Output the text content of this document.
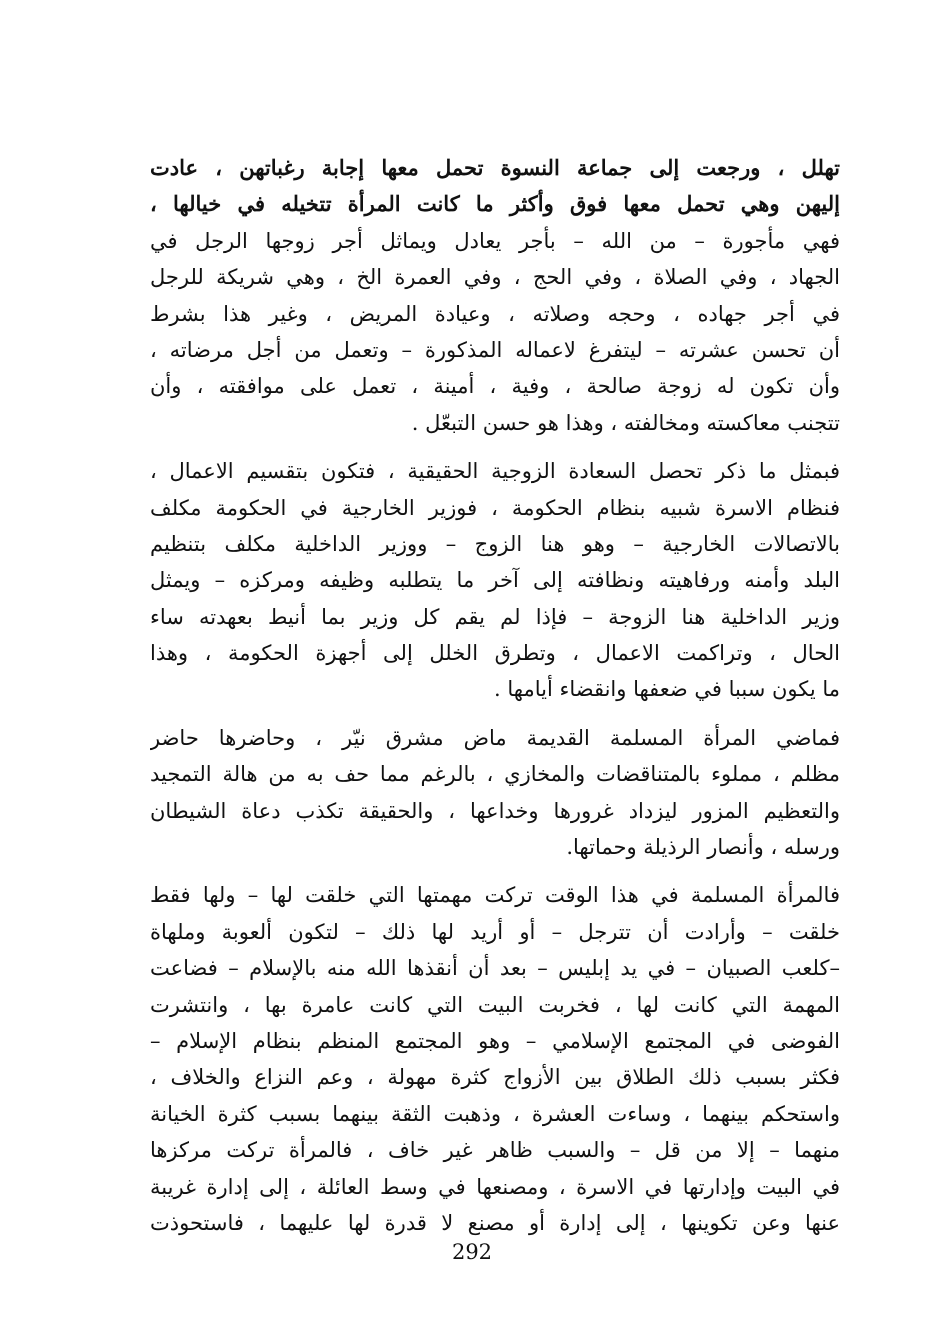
تهلل ، ورجعت إلى جماعة النسوة تحمل معها إجابة رغباتهن ، عادت
إليهن وهي تحمل معها فوق وأكثر ما كانت المرأة تتخيله في خيالها ،
فهي مأجورة – من الله – بأجر يعادل ويماثل أجر زوجها الرجل في
الجهاد ، وفي الصلاة ، وفي الحج ، وفي العمرة الخ ، وهي شريكة للرجل
في أجر جهاده ، وحجه وصلاته ، وعيادة المريض ، وغير هذا بشرط
أن تحسن عشرته – ليتفرغ لاعماله المذكورة – وتعمل من أجل مرضاته ،
وأن تكون له زوجة صالحة ، وفية ، أمينة ، تعمل على موافقته ، وأن
تتجنب معاكسته ومخالفته ، وهذا هو حسن التبعّل .
فبمثل ما ذكر تحصل السعادة الزوجية الحقيقية ، فتكون بتقسيم الاعمال ،
فنظام الاسرة شبيه بنظام الحكومة ، فوزير الخارجية في الحكومة مكلف
بالاتصالات الخارجية – وهو هنا الزوج – ووزير الداخلية مكلف بتنظيم
البلد وأمنه ورفاهيته ونظافته إلى آخر ما يتطلبه وظيفه ومركزه – ويمثل
وزير الداخلية هنا الزوجة – فإذا لم يقم كل وزير بما أنيط بعهدته ساء
الحال ، وتراكمت الاعمال ، وتطرق الخلل إلى أجهزة الحكومة ، وهذا
ما يكون سببا في ضعفها وانقضاء أيامها .
فماضي المرأة المسلمة القديمة ماض مشرق نيّر ، وحاضرها حاضر
مظلم ، مملوء بالمتناقضات والمخازي ، بالرغم مما حف به من هالة التمجيد
والتعظيم المزور ليزداد غرورها وخداعها ، والحقيقة تكذب دعاة الشيطان
ورسله ، وأنصار الرذيلة وحماتها.
فالمرأة المسلمة في هذا الوقت تركت مهمتها التي خلقت لها – ولها فقط
خلقت – وأرادت أن تترجل – أو أريد لها ذلك – لتكون ألعوبة وملهاة
–كلعب الصبيان – في يد إبليس – بعد أن أنقذها الله منه بالإسلام – فضاعت
المهمة التي كانت لها ، فخربت البيت التي كانت عامرة بها ، وانتشرت
الفوضى في المجتمع الإسلامي – وهو المجتمع المنظم بنظام الإسلام –
فكثر بسبب ذلك الطلاق بين الأزواج كثرة مهولة ، وعم النزاع والخلاف ،
واستحكم بينهما ، وساءت العشرة ، وذهبت الثقة بينهما بسبب كثرة الخيانة
منهما – إلا من قل – والسبب ظاهر غير خاف ، فالمرأة تركت مركزها
في البيت وإدارتها في الاسرة ، ومصنعها في وسط العائلة ، إلى إدارة غريبة
عنها وعن تكوينها ، إلى إدارة أو مصنع لا قدرة لها عليهما ، فاستحوذت
292
